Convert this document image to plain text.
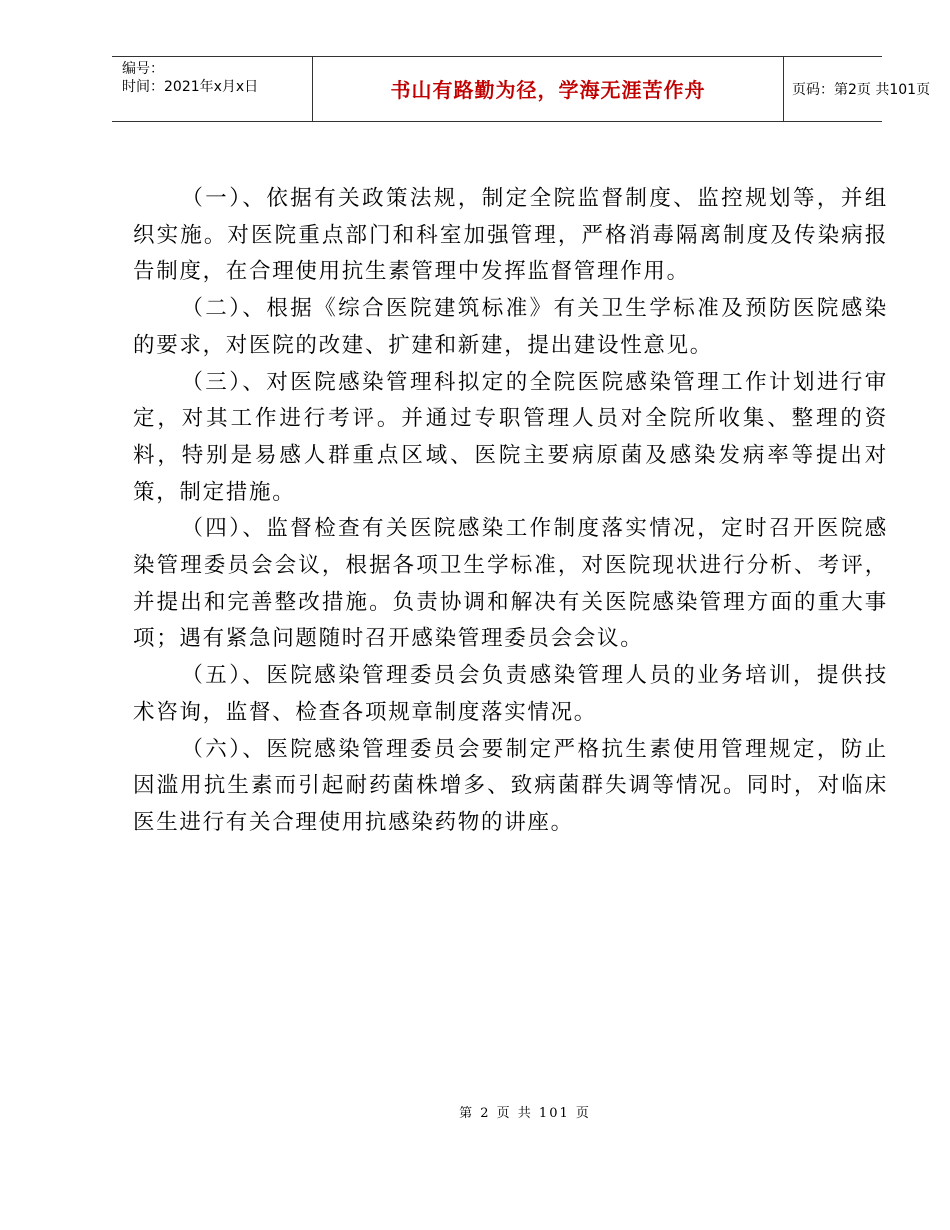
编号：
时间：2021年x月x日	书山有路勤为径，学海无涯苦作舟	页码：第2页 共101页

（一）、依据有关政策法规，制定全院监督制度、监控规划等，并组织实施。对医院重点部门和科室加强管理，严格消毒隔离制度及传染病报告制度，在合理使用抗生素管理中发挥监督管理作用。

（二）、根据《综合医院建筑标准》有关卫生学标准及预防医院感染的要求，对医院的改建、扩建和新建，提出建设性意见。

（三）、对医院感染管理科拟定的全院医院感染管理工作计划进行审定，对其工作进行考评。并通过专职管理人员对全院所收集、整理的资料，特别是易感人群重点区域、医院主要病原菌及感染发病率等提出对策，制定措施。

（四）、监督检查有关医院感染工作制度落实情况，定时召开医院感染管理委员会会议，根据各项卫生学标准，对医院现状进行分析、考评，并提出和完善整改措施。负责协调和解决有关医院感染管理方面的重大事项；遇有紧急问题随时召开感染管理委员会会议。

（五）、医院感染管理委员会负责感染管理人员的业务培训，提供技术咨询，监督、检查各项规章制度落实情况。

（六）、医院感染管理委员会要制定严格抗生素使用管理规定，防止因滥用抗生素而引起耐药菌株增多、致病菌群失调等情况。同时，对临床医生进行有关合理使用抗感染药物的讲座。

第 2 页 共 101 页
